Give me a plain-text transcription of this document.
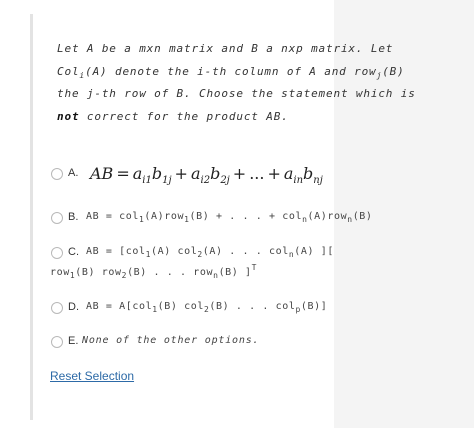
Let A be a mxn matrix and B a nxp matrix. Let
Col$_i$(A) denote the i-th column of A and row$_j$(B)
the j-th row of B. Choose the statement which is
not correct for the product AB.

A. AB = $a_{i1}b_{1j} + a_{i2}b_{2j}$ + ... + $a_{in}b_{nj}$
B. AB = col$_1$(A)row$_1$(B) + . . . + col$_n$(A)row$_n$(B)
C. AB = [col$_1$(A) col$_2$(A) . . . col$_n$(A) ][
row$_1$(B) row$_2$(B) . . . row$_n$(B) ]$^T$
D. AB = A[col$_1$(B) col$_2$(B) . . . col$_p$(B)]
E. None of the other options.
Reset Selection
